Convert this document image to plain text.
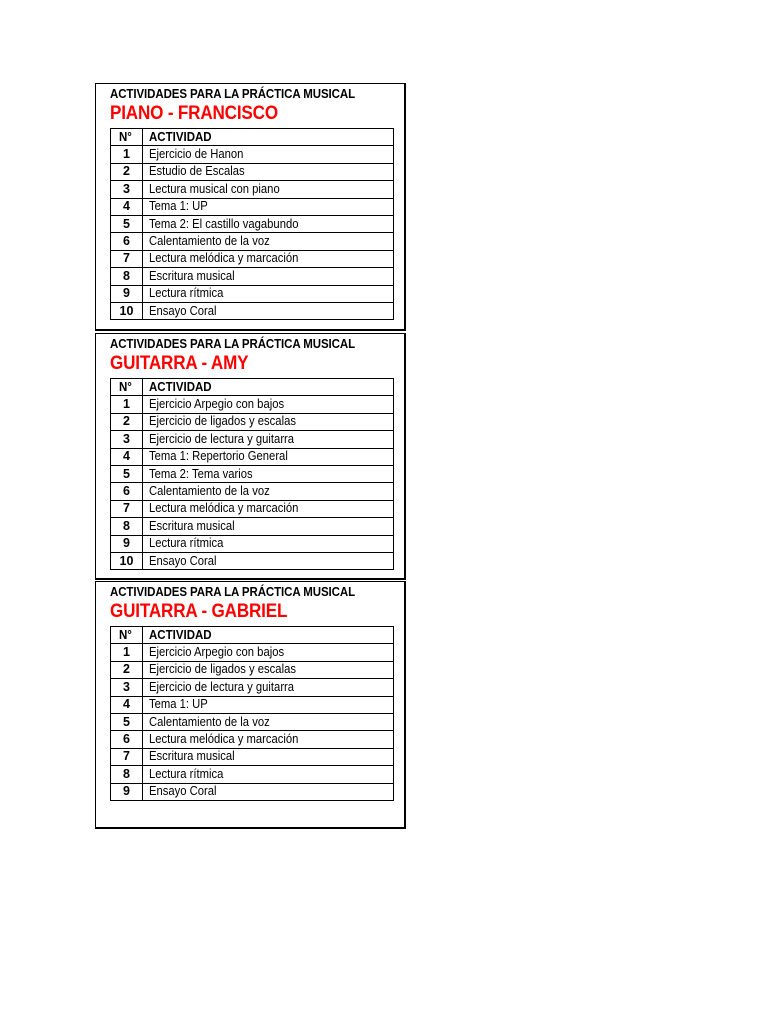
ACTIVIDADES PARA LA PRÁCTICA MUSICAL
PIANO - FRANCISCO
N°	ACTIVIDAD
1	Ejercicio de Hanon
2	Estudio de Escalas
3	Lectura musical con piano
4	Tema 1: UP
5	Tema 2: El castillo vagabundo
6	Calentamiento de la voz
7	Lectura melódica y marcación
8	Escritura musical
9	Lectura rítmica
10	Ensayo Coral
ACTIVIDADES PARA LA PRÁCTICA MUSICAL
GUITARRA - AMY
N°	ACTIVIDAD
1	Ejercicio Arpegio con bajos
2	Ejercicio de ligados y escalas
3	Ejercicio de lectura y guitarra
4	Tema 1: Repertorio General
5	Tema 2: Tema varios
6	Calentamiento de la voz
7	Lectura melódica y marcación
8	Escritura musical
9	Lectura rítmica
10	Ensayo Coral
ACTIVIDADES PARA LA PRÁCTICA MUSICAL
GUITARRA - GABRIEL
N°	ACTIVIDAD
1	Ejercicio Arpegio con bajos
2	Ejercicio de ligados y escalas
3	Ejercicio de lectura y guitarra
4	Tema 1: UP
5	Calentamiento de la voz
6	Lectura melódica y marcación
7	Escritura musical
8	Lectura rítmica
9	Ensayo Coral
